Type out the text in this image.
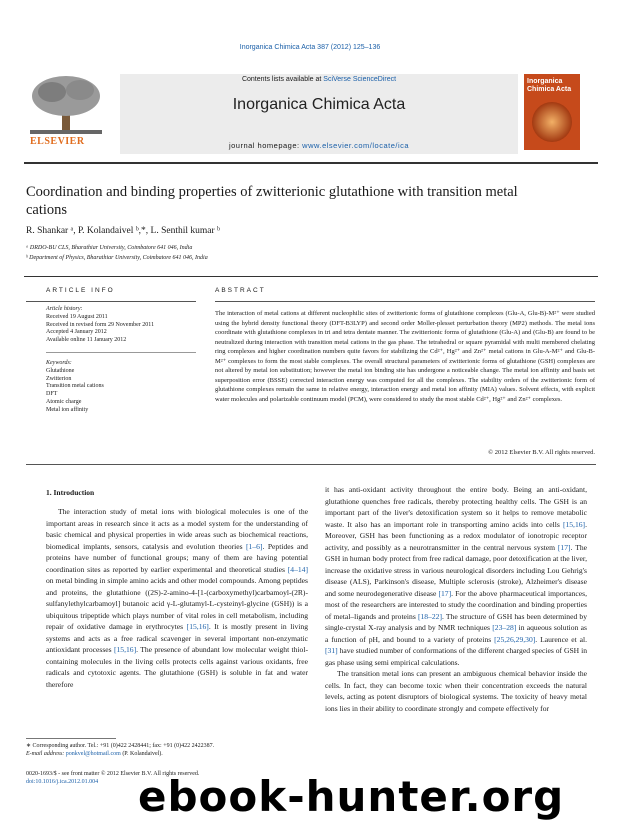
Inorganica Chimica Acta 387 (2012) 125–136
ELSEVIER
Contents lists available at SciVerse ScienceDirect
Inorganica Chimica Acta
journal homepage: www.elsevier.com/locate/ica
Inorganica Chimica Acta
Coordination and binding properties of zwitterionic glutathione with transition metal cations
R. Shankar ᵃ, P. Kolandaivel ᵇ,*, L. Senthil kumar ᵇ
ᵃ DRDO-BU CLS, Bharathiar University, Coimbatore 641 046, India
ᵇ Department of Physics, Bharathiar University, Coimbatore 641 046, India
ARTICLE INFO
Article history:
Received 19 August 2011
Received in revised form 29 November 2011
Accepted 4 January 2012
Available online 11 January 2012
Keywords:
Glutathione
Zwitterion
Transition metal cations
DFT
Atomic charge
Metal ion affinity
ABSTRACT
The interaction of metal cations at different nucleophilic sites of zwitterionic forms of glutathione complexes (Glu-A, Glu-B)-M²⁺ were studied using the hybrid density functional theory (DFT-B3LYP) and second order Moller-plesset perturbation theory (MP2) methods. The metal ions coordinate with glutathione complexes in tri and tetra dentate manner. The zwitterionic forms of glutathione (Glu-A) and (Glu-B) are found to be neutralized during interaction with transition metal cations in the gas phase. The tetrahedral or square pyramidal with multi membered chelating ring complexes and higher coordination numbers quite favors for stabilizing the Cd²⁺, Hg²⁺ and Zn²⁺ metal cations in Glu-A-M²⁺ and Glu-B-M²⁺ complexes to form the most stable complexes. The overall structural parameters of zwitterionic forms of glutathione (GSH) complexes are not altered by metal ion substitution; however the metal ion binding site has undergone a noticeable change. The metal ion affinity and basis set superposition error (BSSE) corrected interaction energy was computed for all the complexes. The stability orders of the zwitterionic form of glutathione complexes remain the same in relative energy, interaction energy and metal ion affinity (MIA) values. Solvent effects, with explicit water molecules and polarizable continuum model (PCM), were considered to study the most stable Cd²⁺, Hg²⁺ and Zn²⁺ complexes.
© 2012 Elsevier B.V. All rights reserved.
1. Introduction

The interaction study of metal ions with biological molecules is one of the important areas in research since it acts as a model system for the understanding of basic chemical and physical properties in wide areas such as biochemical reactions, biomedical implants, sensors, catalysis and evolution theories [1–6]. Peptides and proteins have number of functional groups; many of them are having potential coordination sites as reported by earlier experimental and theoretical studies [4–14] on metal binding in simple amino acids and other model compounds. Among peptides and proteins, the glutathione ((2S)-2-amino-4-[1-(carboxymethyl)carbamoyl-(2R)-sulfanylethylcarbamoyl] butanoic acid γ-L-glutamyl-L-cysteinyl-glycine (GSH)) is a ubiquitous tripeptide which plays number of vital roles in cell metabolism, including repair of oxidative damage in erythrocytes [15,16]. It is mostly present in living systems and acts as a free radical scavenger in several important non-enzymatic antioxidant processes [15,16]. The presence of abundant low molecular weight thiol-containing molecules in the living cells protects cells against various oxidants, free radicals and cytotoxic agents. The glutathione (GSH) is soluble in fat and water therefore

it has anti-oxidant activity throughout the entire body. Being an anti-oxidant, glutathione quenches free radicals, thereby protecting healthy cells. The GSH is an important part of the liver's detoxification system so it helps to remove metabolic waste. It also has an important role in transporting amino acids into cells [15,16]. Moreover, GSH has been functioning as a redox modulator of ionotropic receptor activity, and possibly as a neurotransmitter in the central nervous system [17]. The GSH in human body protect from free radical damage, poor detoxification at the liver, increase the oxidative stress in various neurological disorders including Lou Gehrig's disease (ALS), Parkinson's disease, Multiple sclerosis (stroke), Alzheimer's disease and some neurodegenerative disease [17]. For the above pharmaceutical importances, most of the researchers are interested to study the coordination and binding properties of metal–ligands and proteins [18–22]. The structure of GSH has been determined by single-crystal X-ray analysis and by NMR techniques [23–28] in aqueous solution as a function of pH, and bound to a variety of proteins [25,26,29,30]. Laurence et al. [31] have studied number of conformations of the different charged species of GSH in gas phase using semi empirical calculations.

The transition metal ions can present an ambiguous chemical behavior inside the cells. In fact, they can become toxic when their concentration exceeds the natural levels, acting as potent disruptors of biological systems. The toxicity of heavy metal ions lies in their ability to coordinate strongly and compete effectively for

∗ Corresponding author. Tel.: +91 (0)422 2428441; fax: +91 (0)422 2422387.
E-mail address: ponkvel@hotmail.com (P. Kolandaivel).
0020-1693/$ - see front matter © 2012 Elsevier B.V. All rights reserved.
doi:10.1016/j.ica.2012.01.004 ebook-hunter.org
